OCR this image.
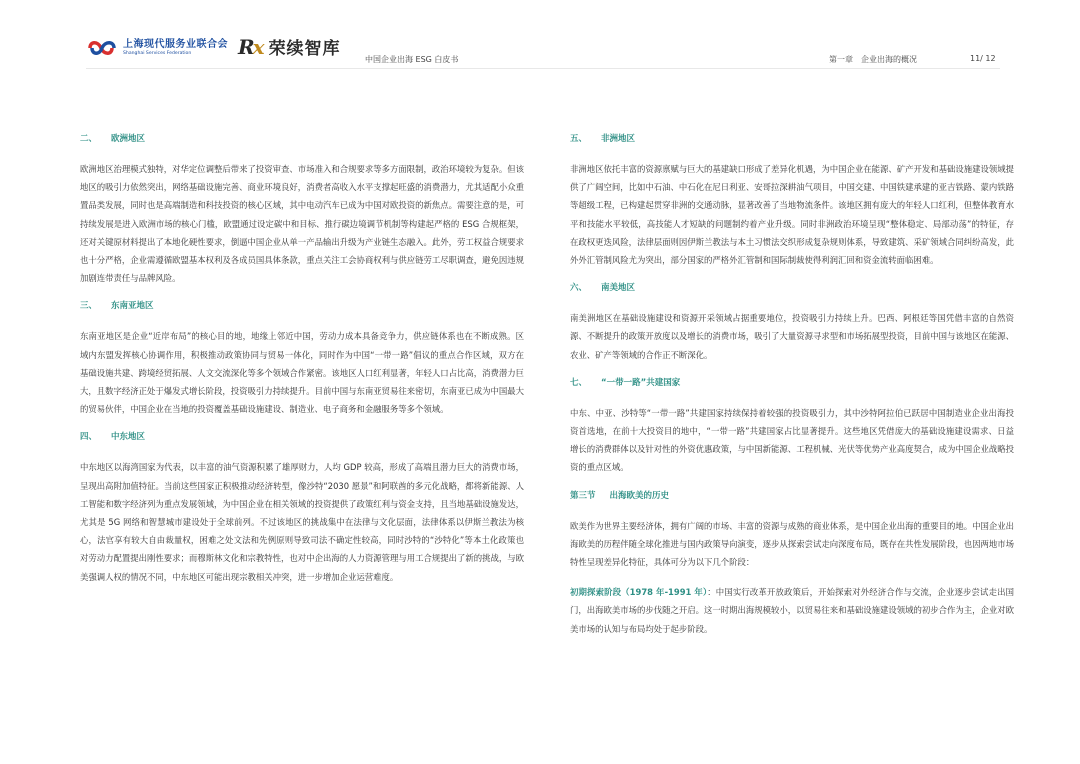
上海现代服务业联合会
Shanghai Services Federation	Rx 荣续智库
中国企业出海 ESG 白皮书	第一章　企业出海的概况	11/ 12
二、 欧洲地区

欧洲地区治理模式独特，对华定位调整后带来了投资审查、市场准入和合规要求等多方面限制，政治环境较为复杂。但该地区的吸引力依然突出，网络基础设施完善、商业环境良好，消费者高收入水平支撑起旺盛的消费潜力，尤其适配小众重置品类发展，同时也是高端制造和科技投资的核心区域，其中电动汽车已成为中国对欧投资的新焦点。需要注意的是，可持续发展是进入欧洲市场的核心门槛，欧盟通过设定碳中和目标、推行碳边境调节机制等构建起严格的 ESG 合规框架，还对关键原材料提出了本地化硬性要求，倒逼中国企业从单一产品输出升级为产业链生态融入。此外，劳工权益合规要求也十分严格，企业需遵循欧盟基本权利及各成员国具体条款，重点关注工会协商权利与供应链劳工尽职调查，避免因违规加剧连带责任与品牌风险。

三、 东南亚地区

东南亚地区是企业“近岸布局”的核心目的地，地缘上邻近中国，劳动力成本具备竞争力，供应链体系也在不断成熟。区域内东盟发挥核心协调作用，积极推动政策协同与贸易一体化，同时作为中国“一带一路”倡议的重点合作区域，双方在基础设施共建、跨境经贸拓展、人文交流深化等多个领域合作紧密。该地区人口红利显著，年轻人口占比高，消费潜力巨大，且数字经济正处于爆发式增长阶段，投资吸引力持续提升。目前中国与东南亚贸易往来密切，东南亚已成为中国最大的贸易伙伴，中国企业在当地的投资覆盖基础设施建设、制造业、电子商务和金融服务等多个领域。

四、 中东地区

中东地区以海湾国家为代表，以丰富的油气资源积累了雄厚财力，人均 GDP 较高，形成了高端且潜力巨大的消费市场，呈现出高附加值特征。当前这些国家正积极推动经济转型，像沙特“2030 愿景”和阿联酋的多元化战略，都将新能源、人工智能和数字经济列为重点发展领域，为中国企业在相关领域的投资提供了政策红利与资金支持，且当地基础设施发达，尤其是 5G 网络和智慧城市建设处于全球前列。不过该地区的挑战集中在法律与文化层面，法律体系以伊斯兰教法为核心，法官享有较大自由裁量权，困难之处文法和先例原则导致司法不确定性较高，同时沙特的“沙特化”等本土化政策也对劳动力配置提出刚性要求；而穆斯林文化和宗教特性，也对中企出海的人力资源管理与用工合规提出了新的挑战，与欧美强调人权的情况不同，中东地区可能出现宗教相关冲突，进一步增加企业运营难度。

五、 非洲地区

非洲地区依托丰富的资源禀赋与巨大的基建缺口形成了差异化机遇，为中国企业在能源、矿产开发和基础设施建设领域提供了广阔空间，比如中石油、中石化在尼日利亚、安哥拉深耕油气项目，中国交建、中国铁建承建的亚吉铁路、蒙内铁路等超级工程，已构建起贯穿非洲的交通动脉，显著改善了当地物流条件。该地区拥有庞大的年轻人口红利，但整体教育水平和技能水平较低，高技能人才短缺的问题制约着产业升级。同时非洲政治环境呈现“整体稳定、局部动荡”的特征，存在政权更迭风险，法律层面则因伊斯兰教法与本土习惯法交织形成复杂规则体系，导致建筑、采矿领域合同纠纷高发，此外外汇管制风险尤为突出，部分国家的严格外汇管制和国际制裁使得利润汇回和资金流转面临困难。

六、 南美地区

南美洲地区在基础设施建设和资源开采领域占据重要地位，投资吸引力持续上升。巴西、阿根廷等国凭借丰富的自然资源、不断提升的政策开放度以及增长的消费市场，吸引了大量资源寻求型和市场拓展型投资，目前中国与该地区在能源、农业、矿产等领域的合作正不断深化。

七、 “一带一路”共建国家

中东、中亚、沙特等“一带一路”共建国家持续保持着较强的投资吸引力，其中沙特阿拉伯已跃居中国制造业企业出海投资首选地，在前十大投资目的地中，“一带一路”共建国家占比显著提升。这些地区凭借庞大的基础设施建设需求、日益增长的消费群体以及针对性的外资优惠政策，与中国新能源、工程机械、光伏等优势产业高度契合，成为中国企业战略投资的重点区域。

第三节 出海欧美的历史

欧美作为世界主要经济体，拥有广阔的市场、丰富的资源与成熟的商业体系，是中国企业出海的重要目的地。中国企业出海欧美的历程伴随全球化推进与国内政策导向演变，逐步从探索尝试走向深度布局，既存在共性发展阶段，也因两地市场特性呈现差异化特征，具体可分为以下几个阶段：

初期探索阶段（1978 年-1991 年）：中国实行改革开放政策后，开始探索对外经济合作与交流，企业逐步尝试走出国门，出海欧美市场的步伐随之开启。这一时期出海规模较小，以贸易往来和基础设施建设领域的初步合作为主，企业对欧美市场的认知与布局均处于起步阶段。
